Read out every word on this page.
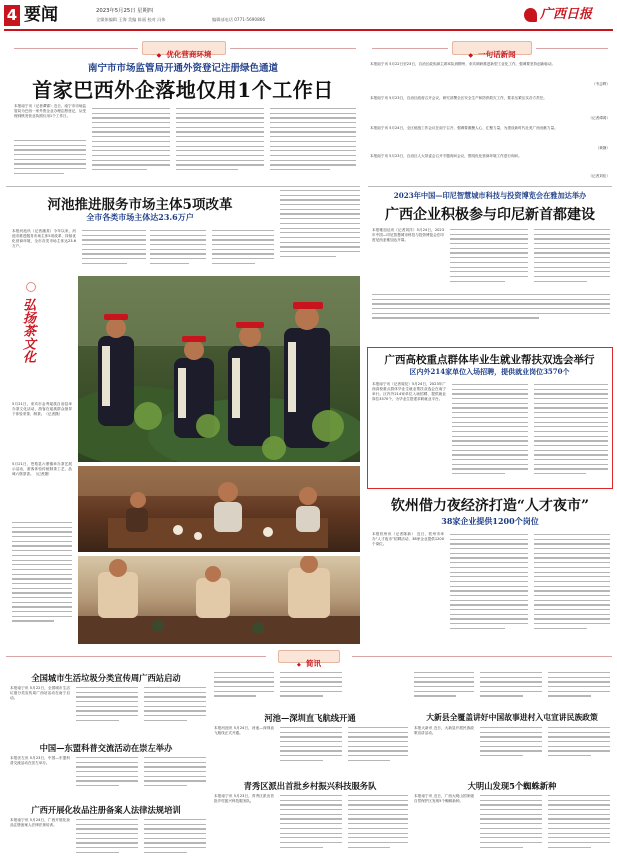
4 要闻	2023年5月25日 星期四
全媒体编辑 王海 美编 陈丽 校对 冯伟	编辑部电话 0771-5690866	广西日报
◆ 优化营商环境
南宁市市场监管局开通外资登记注册绿色通道
首家巴西外企落地仅用1个工作日
本报南宁讯（记者谭锦）近日，南宁市市场监管局为巴西一家外资企业办理注册登记，从受理到核发营业执照仅用1个工作日。
◆ 一句话新闻
本报南宁讯 5月22日至23日，自治区政协副主席率队到柳州、来宾调研推进新型工业化工作，强调要坚持创新驱动。
（韦志辉）
本报南宁讯 5月23日，自治区政府召开会议，研究部署全区安全生产和防汛救灾工作，要求压紧压实各方责任。
（记者谭鸿）
本报南宁讯 5月24日，全区统战工作会议在南宁召开，强调要凝聚人心、汇聚力量，为建设新时代壮美广西贡献力量。
（黄静）
本报南宁讯 5月23日，自治区人大常委会召开专题询问会议，围绕优化营商环境工作进行询问。
（记者刘佳）
河池推进服务市场主体5项改革
全市各类市场主体达23.6万户
本报河池讯（记者潘其）今年以来，河池市推进服务市场主体5项改革，持续优化营商环境，全市各类市场主体达23.6万户。
2023年中国—印尼智慧城市科技与投资博览会在雅加达举办
广西企业积极参与印尼新首都建设
本报雅加达讯（记者刘洋）5月24日，2023年中国—印尼智慧城市科技与投资博览会在印度尼西亚雅加达开幕。
弘扬茶文化
5月21日，来宾市金秀瑶族自治县举办茶文化活动，游客在瑶族群众指导下体验采茶、制茶。（记者摄）
5月21日，苍梧县六堡镇举办茶艺展示活动，游客体验传统制茶工艺，品味六堡茶香。（记者摄）
广西高校重点群体毕业生就业帮扶双选会举行
区内外214家单位入场招聘，提供就业岗位3570个
本报南宁讯（记者周仪）5月24日，2023年广西高校重点群体毕业生就业帮扶双选会在南宁举行。区内外214家单位入场招聘，提供就业岗位3570个，为毕业生搭建求职就业平台。
钦州借力夜经济打造“人才夜市”
38家企业提供1200个岗位
本报钦州讯（记者陈新） 近日，钦州市举办“人才夜市”招聘活动，38家企业提供1200个岗位。
◆ 简讯
全国城市生活垃圾分类宣传周广西站启动
本报南宁讯 5月22日，全国城市生活垃圾分类宣传周广西站活动在南宁启动。
中国—东盟科普交流活动在崇左举办
本报崇左讯 5月23日，中国—东盟科普交流活动在崇左举办。
广西开展化妆品注册备案人法律法规培训
本报南宁讯 5月24日，广西开展化妆品注册备案人法律法规培训。
河池—深圳直飞航线开通
本报河池讯 5月24日，河池—深圳直飞航线正式开通。
青秀区派出首批乡村振兴科技服务队
本报南宁讯 5月23日，青秀区派出首批乡村振兴科技服务队。
大新县全覆盖讲好中国故事进村入屯宣讲民族政策
本报大新讯 近日，大新县开展民族政策宣讲活动。
大明山发现5个蜘蛛新种
本报南宁讯 近日，广西大明山国家级自然保护区发现5个蜘蛛新种。
